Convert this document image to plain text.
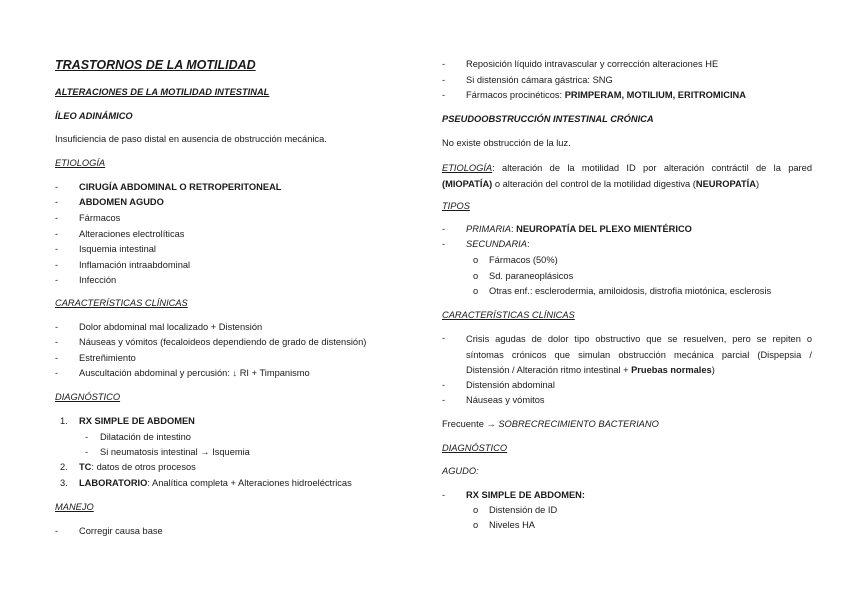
TRASTORNOS DE LA MOTILIDAD
ALTERACIONES DE LA MOTILIDAD INTESTINAL
ÍLEO ADINÁMICO
Insuficiencia de paso distal en ausencia de obstrucción mecánica.
ETIOLOGÍA
- CIRUGÍA ABDOMINAL O RETROPERITONEAL
- ABDOMEN AGUDO
- Fármacos
- Alteraciones electrolíticas
- Isquemia intestinal
- Inflamación intraabdominal
- Infección
CARACTERÍSTICAS CLÍNICAS
- Dolor abdominal mal localizado + Distensión
- Náuseas y vómitos (fecaloideos dependiendo de grado de distensión)
- Estreñimiento
- Auscultación abdominal y percusión: ↓ RI + Timpanismo
DIAGNÓSTICO
1. RX SIMPLE DE ABDOMEN
- Dilatación de intestino
- Si neumatosis intestinal → Isquemia
2. TC: datos de otros procesos
3. LABORATORIO: Analítica completa + Alteraciones hidroeléctricas
MANEJO
- Corregir causa base
- Reposición líquido intravascular y corrección alteraciones HE
- Si distensión cámara gástrica: SNG
- Fármacos procinéticos: PRIMPERAM, MOTILIUM, ERITROMICINA
PSEUDOOBSTRUCCIÓN INTESTINAL CRÓNICA
No existe obstrucción de la luz.
ETIOLOGÍA: alteración de la motilidad ID por alteración contráctil de la pared (MIOPATÍA) o alteración del control de la motilidad digestiva (NEUROPATÍA)
TIPOS
- PRIMARIA: NEUROPATÍA DEL PLEXO MIENTÉRICO
- SECUNDARIA:
o Fármacos (50%)
o Sd. paraneoplásicos
o Otras enf.: esclerodermia, amiloidosis, distrofia miotónica, esclerosis
CARACTERÍSTICAS CLÍNICAS
- Crisis agudas de dolor tipo obstructivo que se resuelven, pero se repiten o síntomas crónicos que simulan obstrucción mecánica parcial (Dispepsia / Distensión / Alteración ritmo intestinal + Pruebas normales)
- Distensión abdominal
- Náuseas y vómitos
Frecuente → SOBRECRECIMIENTO BACTERIANO
DIAGNÓSTICO
AGUDO:
- RX SIMPLE DE ABDOMEN:
o Distensión de ID
o Niveles HA
